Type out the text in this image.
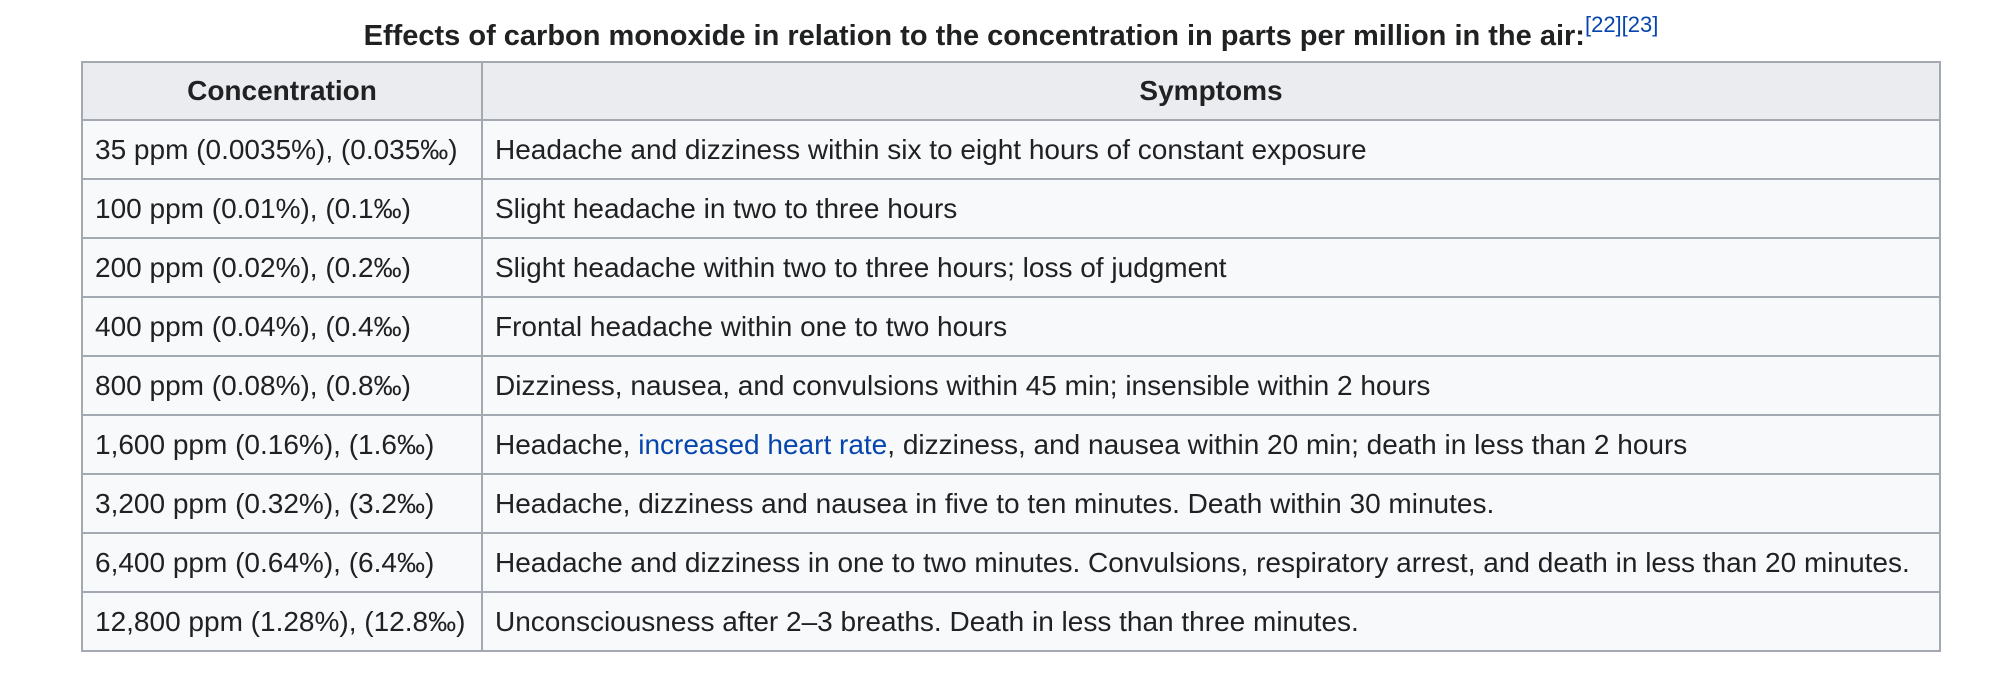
Effects of carbon monoxide in relation to the concentration in parts per million in the air:[22][23]
Concentration	Symptoms
35 ppm (0.0035%), (0.035‰)	Headache and dizziness within six to eight hours of constant exposure
100 ppm (0.01%), (0.1‰)	Slight headache in two to three hours
200 ppm (0.02%), (0.2‰)	Slight headache within two to three hours; loss of judgment
400 ppm (0.04%), (0.4‰)	Frontal headache within one to two hours
800 ppm (0.08%), (0.8‰)	Dizziness, nausea, and convulsions within 45 min; insensible within 2 hours
1,600 ppm (0.16%), (1.6‰)	Headache, increased heart rate, dizziness, and nausea within 20 min; death in less than 2 hours
3,200 ppm (0.32%), (3.2‰)	Headache, dizziness and nausea in five to ten minutes. Death within 30 minutes.
6,400 ppm (0.64%), (6.4‰)	Headache and dizziness in one to two minutes. Convulsions, respiratory arrest, and death in less than 20 minutes.
12,800 ppm (1.28%), (12.8‰)	Unconsciousness after 2–3 breaths. Death in less than three minutes.
